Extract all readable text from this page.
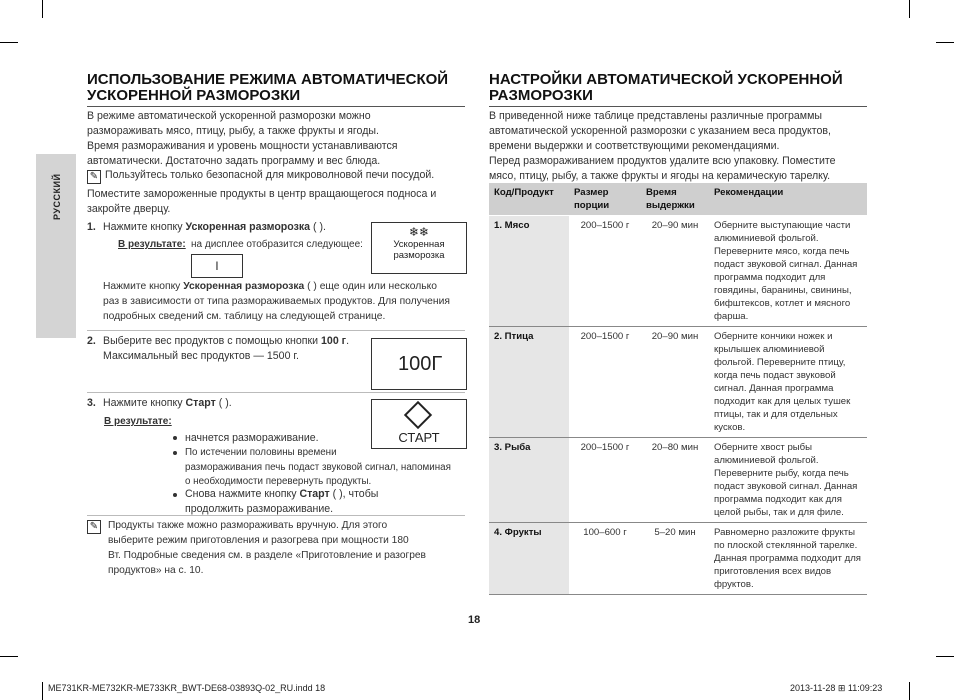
РУССКИЙ
ИСПОЛЬЗОВАНИЕ РЕЖИМА АВТОМАТИЧЕСКОЙ
УСКОРЕННОЙ РАЗМОРОЗКИ
В режиме автоматической ускоренной разморозки можно
размораживать мясо, птицу, рыбу, а также фрукты и ягоды.
Время размораживания и уровень мощности устанавливаются
автоматически. Достаточно задать программу и вес блюда.
✎ Пользуйтесь только безопасной для микроволновой печи посудой.
Поместите замороженные продукты в центр вращающегося подноса и
закройте дверцу.
1. Нажмите кнопку Ускоренная разморозка ( ).
В результате: на дисплее отобразится следующее:
l
❄❄
Ускоренная
разморозка
Нажмите кнопку Ускоренная разморозка ( ) еще один или несколько
раз в зависимости от типа размораживаемых продуктов. Для получения
подробных сведений см. таблицу на следующей странице.
2. Выберите вес продуктов с помощью кнопки 100 г.
Максимальный вес продуктов — 1500 г.	100Г
3. Нажмите кнопку Старт ( ).
СТАРТ
В результате:
начнется размораживание.
По истечении половины времени
размораживания печь подаст звуковой сигнал, напоминая
о необходимости перевернуть продукты.
Снова нажмите кнопку Старт ( ), чтобы
продолжить размораживание.
✎ Продукты также можно размораживать вручную. Для этого
выберите режим приготовления и разогрева при мощности 180
Вт. Подробные сведения см. в разделе «Приготовление и разогрев
продуктов» на с. 10.
НАСТРОЙКИ АВТОМАТИЧЕСКОЙ УСКОРЕННОЙ
РАЗМОРОЗКИ
В приведенной ниже таблице представлены различные программы
автоматической ускоренной разморозки с указанием веса продуктов,
времени выдержки и соответствующими рекомендациями.
Перед размораживанием продуктов удалите всю упаковку. Поместите
мясо, птицу, рыбу, а также фрукты и ягоды на керамическую тарелку.
Код/Продукт	Размер порции	Время выдержки	Рекомендации
1. Мясо	200–1500 г	20–90 мин	Оберните выступающие части алюминиевой фольгой. Переверните мясо, когда печь подаст звуковой сигнал. Данная программа подходит для говядины, баранины, свинины, бифштексов, котлет и мясного фарша.
2. Птица	200–1500 г	20–90 мин	Оберните кончики ножек и крылышек алюминиевой фольгой. Переверните птицу, когда печь подаст звуковой сигнал. Данная программа подходит как для целых тушек птицы, так и для отдельных кусков.
3. Рыба	200–1500 г	20–80 мин	Оберните хвост рыбы алюминиевой фольгой. Переверните рыбу, когда печь подаст звуковой сигнал. Данная программа подходит как для целой рыбы, так и для филе.
4. Фрукты	100–600 г	5–20 мин	Равномерно разложите фрукты по плоской стеклянной тарелке. Данная программа подходит для приготовления всех видов фруктов.
18
ME731KR-ME732KR-ME733KR_BWT-DE68-03893Q-02_RU.indd 18	2013-11-28 ⊞ 11:09:23
